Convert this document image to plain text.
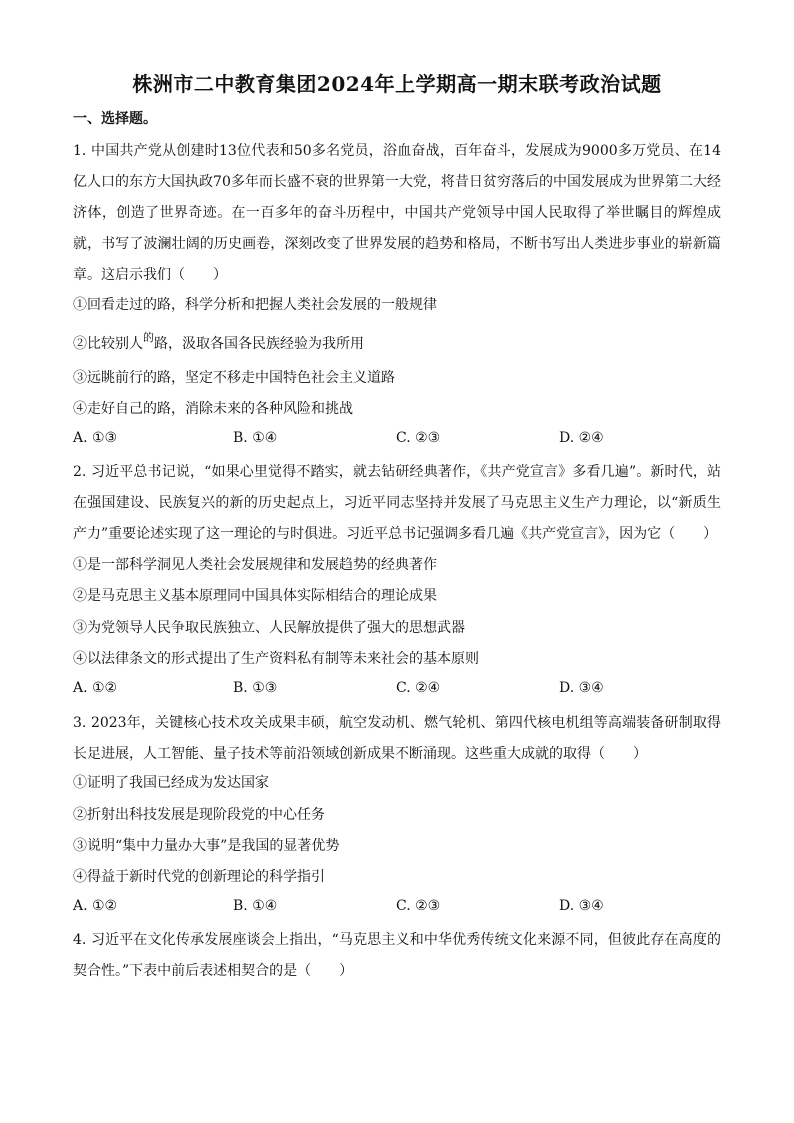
株洲市二中教育集团2024年上学期高一期末联考政治试题
一、选择题。
1. 中国共产党从创建时13位代表和50多名党员，浴血奋战，百年奋斗，发展成为9000多万党员、在14亿人口的东方大国执政70多年而长盛不衰的世界第一大党，将昔日贫穷落后的中国发展成为世界第二大经济体，创造了世界奇迹。在一百多年的奋斗历程中，中国共产党领导中国人民取得了举世瞩目的辉煌成就，书写了波澜壮阔的历史画卷，深刻改变了世界发展的趋势和格局，不断书写出人类进步事业的崭新篇章。这启示我们（　　）
①回看走过的路，科学分析和把握人类社会发展的一般规律
②比较别人$^的$路，汲取各国各民族经验为我所用
③远眺前行的路，坚定不移走中国特色社会主义道路
④走好自己的路，消除未来的各种风险和挑战
A. ①③	B. ①④	C. ②③	D. ②④
2. 习近平总书记说，“如果心里觉得不踏实，就去钻研经典著作，《共产党宣言》多看几遍”。新时代，站在强国建设、民族复兴的新的历史起点上，习近平同志坚持并发展了马克思主义生产力理论，以“新质生产力”重要论述实现了这一理论的与时俱进。习近平总书记强调多看几遍《共产党宣言》，因为它（　　）
①是一部科学洞见人类社会发展规律和发展趋势的经典著作
②是马克思主义基本原理同中国具体实际相结合的理论成果
③为党领导人民争取民族独立、人民解放提供了强大的思想武器
④以法律条文的形式提出了生产资料私有制等未来社会的基本原则
A. ①②	B. ①③	C. ②④	D. ③④
3. 2023年，关键核心技术攻关成果丰硕，航空发动机、燃气轮机、第四代核电机组等高端装备研制取得长足进展，人工智能、量子技术等前沿领域创新成果不断涌现。这些重大成就的取得（　　）
①证明了我国已经成为发达国家
②折射出科技发展是现阶段党的中心任务
③说明“集中力量办大事”是我国的显著优势
④得益于新时代党的创新理论的科学指引
A. ①②	B. ①④	C. ②③	D. ③④
4. 习近平在文化传承发展座谈会上指出，“马克思主义和中华优秀传统文化来源不同，但彼此存在高度的契合性。”下表中前后表述相契合的是（　　）
